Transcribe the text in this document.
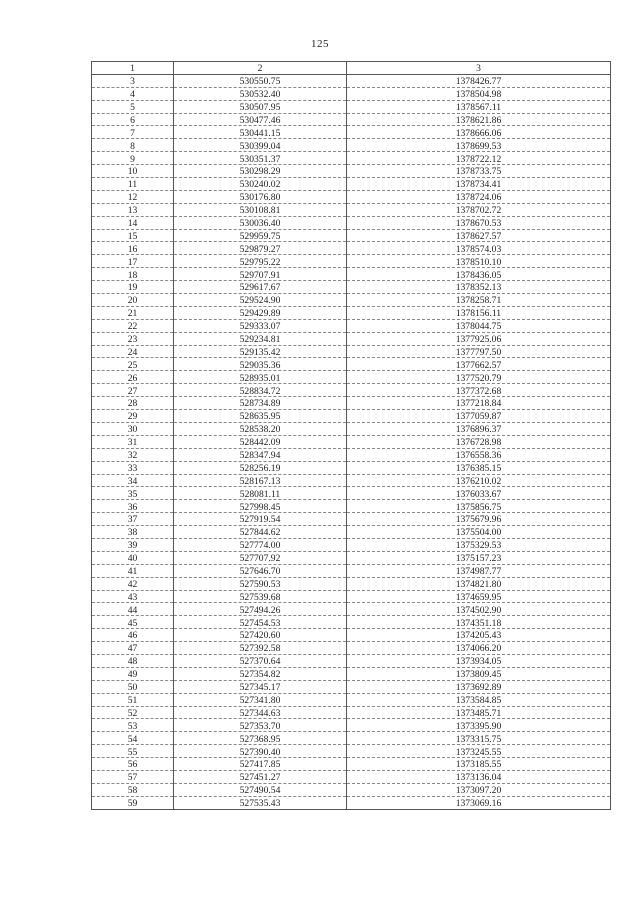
125
1	2	3
3	530550.75	1378426.77
4	530532.40	1378504.98
5	530507.95	1378567.11
6	530477.46	1378621.86
7	530441.15	1378666.06
8	530399.04	1378699.53
9	530351.37	1378722.12
10	530298.29	1378733.75
11	530240.02	1378734.41
12	530176.80	1378724.06
13	530108.81	1378702.72
14	530036.40	1378670.53
15	529959.75	1378627.57
16	529879.27	1378574.03
17	529795.22	1378510.10
18	529707.91	1378436.05
19	529617.67	1378352.13
20	529524.90	1378258.71
21	529429.89	1378156.11
22	529333.07	1378044.75
23	529234.81	1377925.06
24	529135.42	1377797.50
25	529035.36	1377662.57
26	528935.01	1377520.79
27	528834.72	1377372.68
28	528734.89	1377218.84
29	528635.95	1377059.87
30	528538.20	1376896.37
31	528442.09	1376728.98
32	528347.94	1376558.36
33	528256.19	1376385.15
34	528167.13	1376210.02
35	528081.11	1376033.67
36	527998.45	1375856.75
37	527919.54	1375679.96
38	527844.62	1375504.00
39	527774.00	1375329.53
40	527707.92	1375157.23
41	527646.70	1374987.77
42	527590.53	1374821.80
43	527539.68	1374659.95
44	527494.26	1374502.90
45	527454.53	1374351.18
46	527420.60	1374205.43
47	527392.58	1374066.20
48	527370.64	1373934.05
49	527354.82	1373809.45
50	527345.17	1373692.89
51	527341.80	1373584.85
52	527344.63	1373485.71
53	527353.70	1373395.90
54	527368.95	1373315.75
55	527390.40	1373245.55
56	527417.85	1373185.55
57	527451.27	1373136.04
58	527490.54	1373097.20
59	527535.43	1373069.16
